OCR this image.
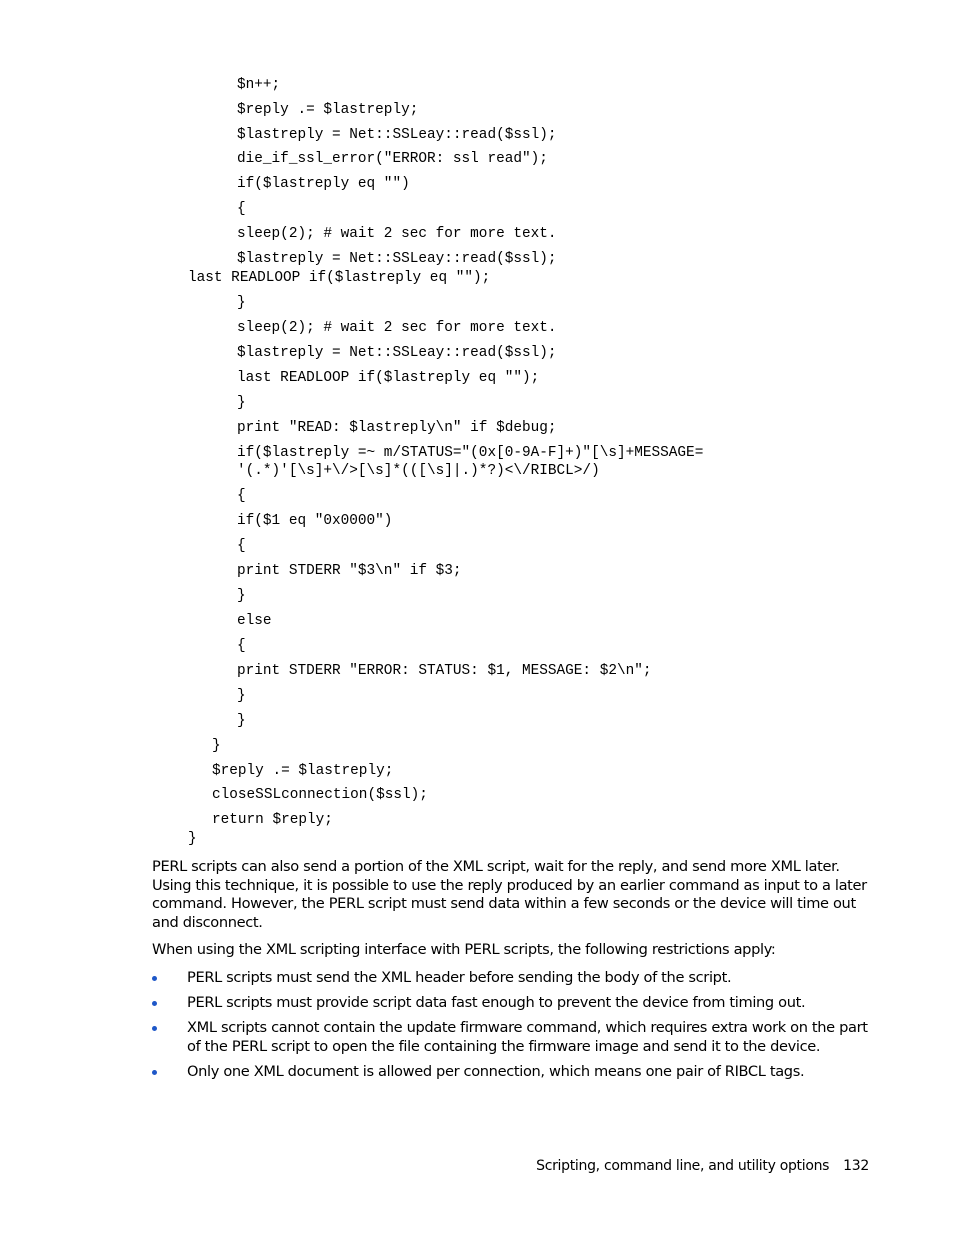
$n++;
$reply .= $lastreply;
$lastreply = Net::SSLeay::read($ssl);
die_if_ssl_error("ERROR: ssl read");
if($lastreply eq "")
{
sleep(2); # wait 2 sec for more text.
$lastreply = Net::SSLeay::read($ssl);
last READLOOP if($lastreply eq "");
}
sleep(2); # wait 2 sec for more text.
$lastreply = Net::SSLeay::read($ssl);
last READLOOP if($lastreply eq "");
}
print "READ: $lastreply\n" if $debug;
if($lastreply =~ m/STATUS="(0x[0-9A-F]+)"[\s]+MESSAGE=
'(.*)'[\s]+\/>[\s]*(([\s]|.)*?)<\/RIBCL>/)
{
if($1 eq "0x0000")
{
print STDERR "$3\n" if $3;
}
else
{
print STDERR "ERROR: STATUS: $1, MESSAGE: $2\n";
}
}
}
$reply .= $lastreply;
closeSSLconnection($ssl);
return $reply;
}

PERL scripts can also send a portion of the XML script, wait for the reply, and send more XML later. Using this technique, it is possible to use the reply produced by an earlier command as input to a later command. However, the PERL script must send data within a few seconds or the device will time out and disconnect.

When using the XML scripting interface with PERL scripts, the following restrictions apply:

PERL scripts must send the XML header before sending the body of the script.
PERL scripts must provide script data fast enough to prevent the device from timing out.
XML scripts cannot contain the update firmware command, which requires extra work on the part of the PERL script to open the file containing the firmware image and send it to the device.
Only one XML document is allowed per connection, which means one pair of RIBCL tags.
Scripting, command line, and utility options 132
